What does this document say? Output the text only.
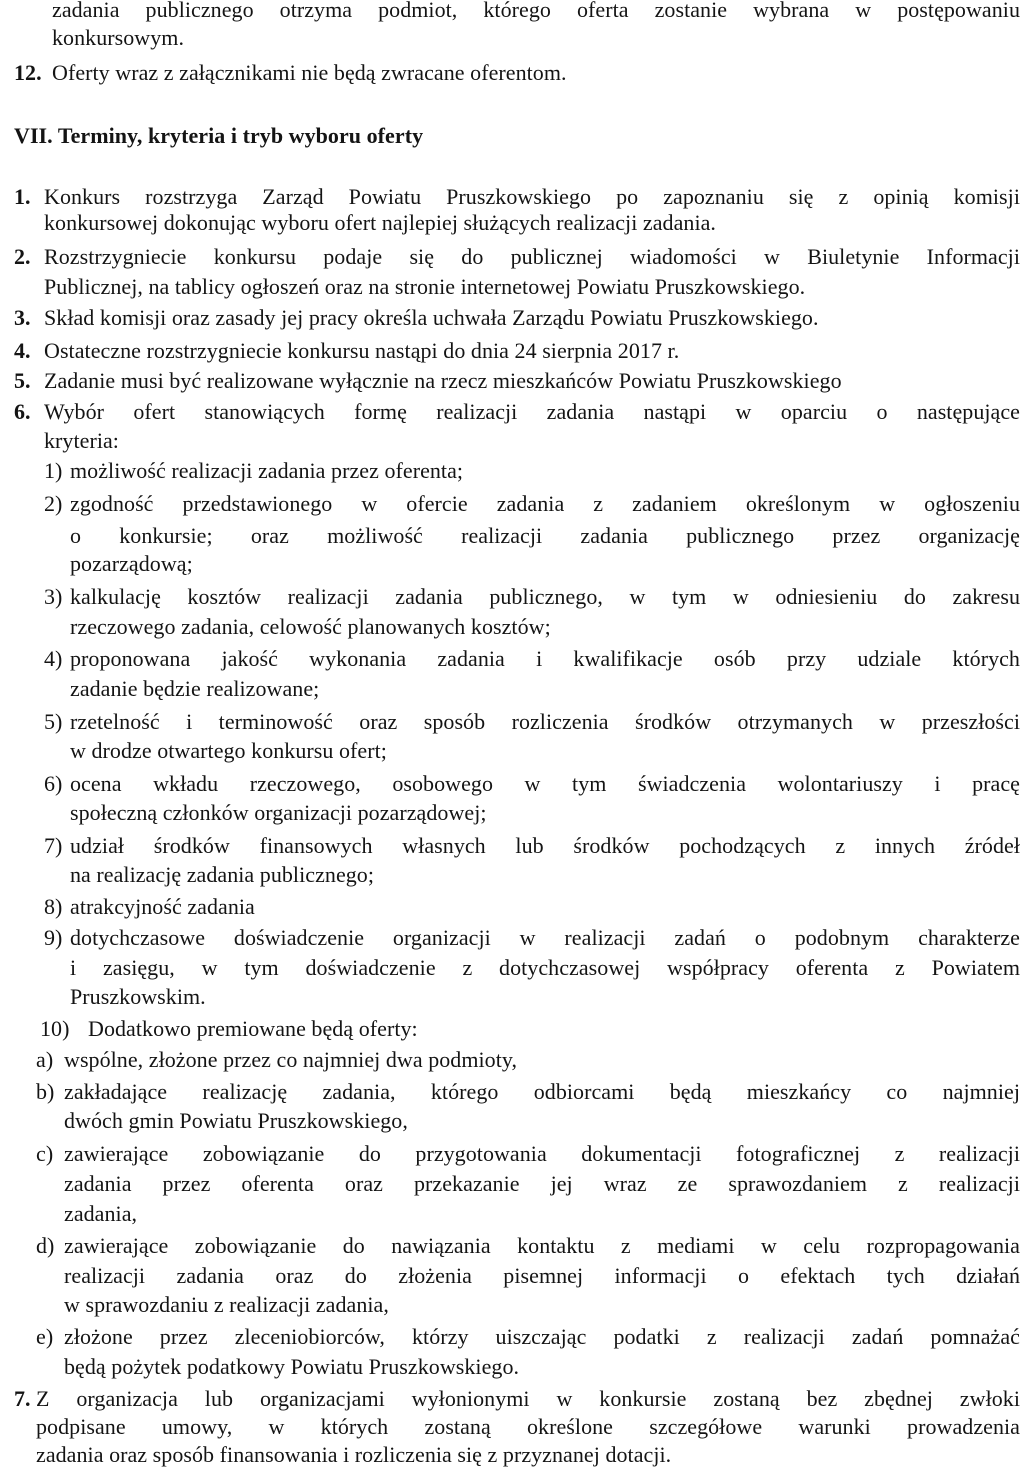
zadania publicznego otrzyma podmiot, którego oferta zostanie wybrana w postępowaniu
konkursowym.
12. Oferty wraz z załącznikami nie będą zwracane oferentom.
VII. Terminy, kryteria i tryb wyboru oferty
1. Konkurs rozstrzyga Zarząd Powiatu Pruszkowskiego po zapoznaniu się z opinią komisji
konkursowej dokonując wyboru ofert najlepiej służących realizacji zadania.
2. Rozstrzygniecie konkursu podaje się do publicznej wiadomości w Biuletynie Informacji
Publicznej, na tablicy ogłoszeń oraz na stronie internetowej Powiatu Pruszkowskiego.
3. Skład komisji oraz zasady jej pracy określa uchwała Zarządu Powiatu Pruszkowskiego.
4. Ostateczne rozstrzygniecie konkursu nastąpi do dnia 24 sierpnia 2017 r.
5. Zadanie musi być realizowane wyłącznie na rzecz mieszkańców Powiatu Pruszkowskiego
6. Wybór ofert stanowiących formę realizacji zadania nastąpi w oparciu o następujące
kryteria:
1) możliwość realizacji zadania przez oferenta;
2) zgodność przedstawionego w ofercie zadania z zadaniem określonym w ogłoszeniu
o konkursie; oraz możliwość realizacji zadania publicznego przez organizację
pozarządową;
3) kalkulację kosztów realizacji zadania publicznego, w tym w odniesieniu do zakresu
rzeczowego zadania, celowość planowanych kosztów;
4) proponowana jakość wykonania zadania i kwalifikacje osób przy udziale których
zadanie będzie realizowane;
5) rzetelność i terminowość oraz sposób rozliczenia środków otrzymanych w przeszłości
w drodze otwartego konkursu ofert;
6) ocena wkładu rzeczowego, osobowego w tym świadczenia wolontariuszy i pracę
społeczną członków organizacji pozarządowej;
7) udział środków finansowych własnych lub środków pochodzących z innych źródeł
na realizację zadania publicznego;
8) atrakcyjność zadania
9) dotychczasowe doświadczenie organizacji w realizacji zadań o podobnym charakterze
i zasięgu, w tym doświadczenie z dotychczasowej współpracy oferenta z Powiatem
Pruszkowskim.
10) Dodatkowo premiowane będą oferty:
a) wspólne, złożone przez co najmniej dwa podmioty,
b) zakładające realizację zadania, którego odbiorcami będą mieszkańcy co najmniej
dwóch gmin Powiatu Pruszkowskiego,
c) zawierające zobowiązanie do przygotowania dokumentacji fotograficznej z realizacji
zadania przez oferenta oraz przekazanie jej wraz ze sprawozdaniem z realizacji
zadania,
d) zawierające zobowiązanie do nawiązania kontaktu z mediami w celu rozpropagowania
realizacji zadania oraz do złożenia pisemnej informacji o efektach tych działań
w sprawozdaniu z realizacji zadania,
e) złożone przez zleceniobiorców, którzy uiszczając podatki z realizacji zadań pomnażać
będą pożytek podatkowy Powiatu Pruszkowskiego.
7. Z organizacja lub organizacjami wyłonionymi w konkursie zostaną bez zbędnej zwłoki
podpisane umowy, w których zostaną określone szczegółowe warunki prowadzenia
zadania oraz sposób finansowania i rozliczenia się z przyznanej dotacji.
